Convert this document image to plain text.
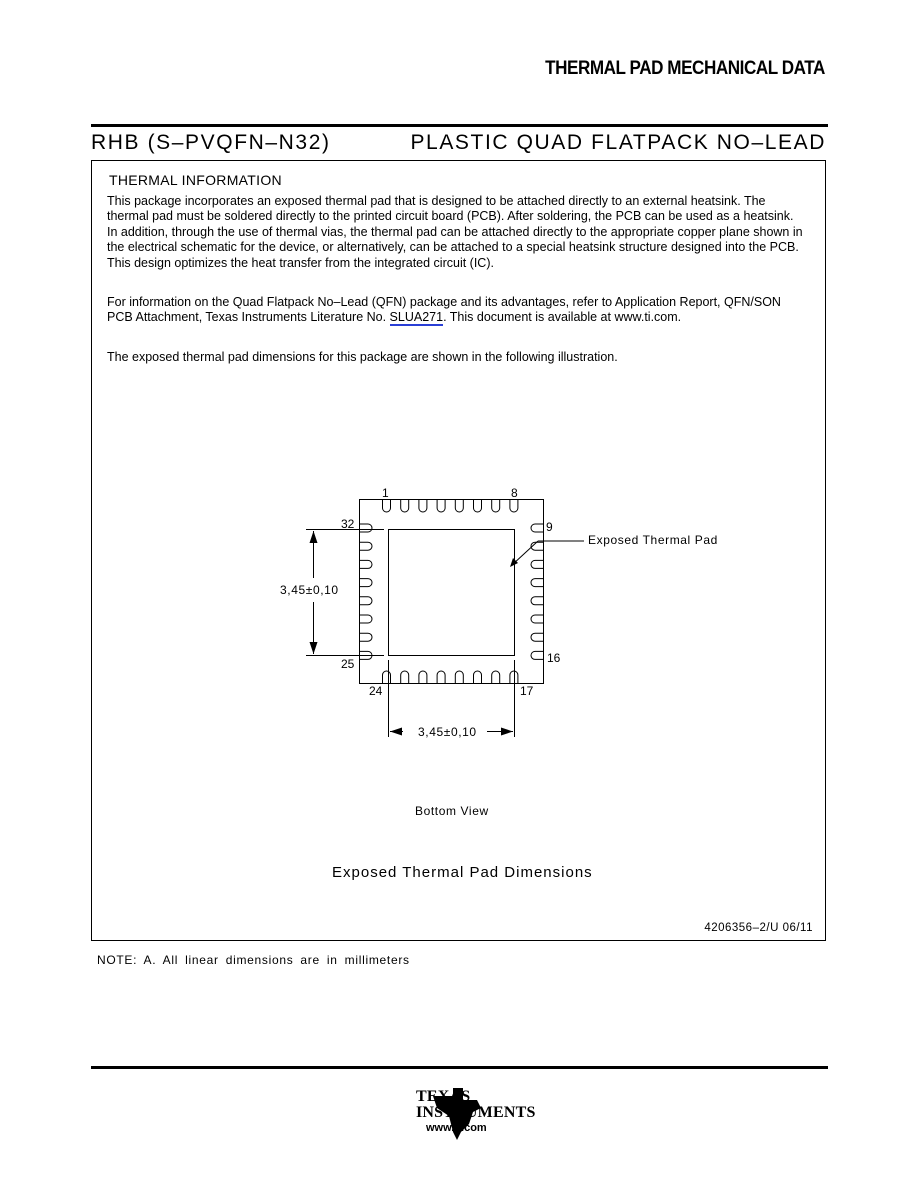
THERMAL PAD MECHANICAL DATA
RHB (S–PVQFN–N32)	PLASTIC QUAD FLATPACK NO–LEAD
THERMAL INFORMATION
This package incorporates an exposed thermal pad that is designed to be attached directly to an external heatsink. The thermal pad must be soldered directly to the printed circuit board (PCB). After soldering, the PCB can be used as a heatsink. In addition, through the use of thermal vias, the thermal pad can be attached directly to the appropriate copper plane shown in the electrical schematic for the device, or alternatively, can be attached to a special heatsink structure designed into the PCB. This design optimizes the heat transfer from the integrated circuit (IC).
For information on the Quad Flatpack No–Lead (QFN) package and its advantages, refer to Application Report, QFN/SON PCB Attachment, Texas Instruments Literature No. SLUA271. This document is available at www.ti.com.
The exposed thermal pad dimensions for this package are shown in the following illustration.
1	8
9
16
17
24
25
32
Exposed Thermal Pad
3,45±0,10
3,45±0,10
Bottom View
Exposed Thermal Pad Dimensions
4206356–2/U 06/11
NOTE: A. All linear dimensions are in millimeters
TEXAS
INSTRUMENTS
www.ti.com
